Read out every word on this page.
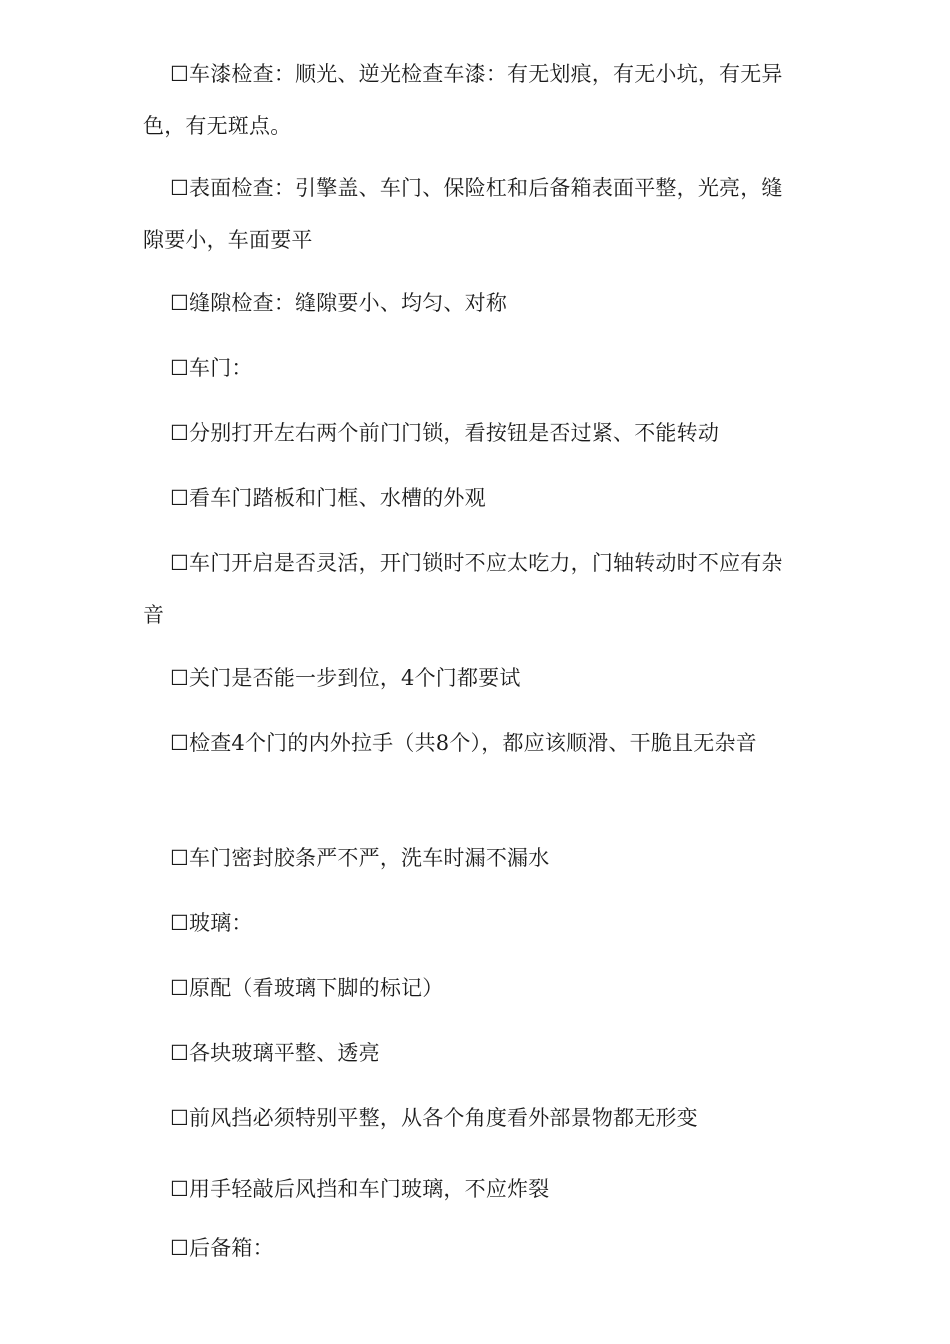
☐车漆检查：顺光、逆光检查车漆：有无划痕，有无小坑，有无异色，有无斑点。

☐表面检查：引擎盖、车门、保险杠和后备箱表面平整，光亮，缝隙要小，车面要平

☐缝隙检查：缝隙要小、均匀、对称

☐车门：

☐分别打开左右两个前门门锁，看按钮是否过紧、不能转动

☐看车门踏板和门框、水槽的外观

☐车门开启是否灵活，开门锁时不应太吃力，门轴转动时不应有杂音

☐关门是否能一步到位，4个门都要试

☐检查4个门的内外拉手（共8个），都应该顺滑、干脆且无杂音

☐车门密封胶条严不严，洗车时漏不漏水

☐玻璃：

☐原配（看玻璃下脚的标记）

☐各块玻璃平整、透亮

☐前风挡必须特别平整，从各个角度看外部景物都无形变

☐用手轻敲后风挡和车门玻璃，不应炸裂

☐后备箱：
